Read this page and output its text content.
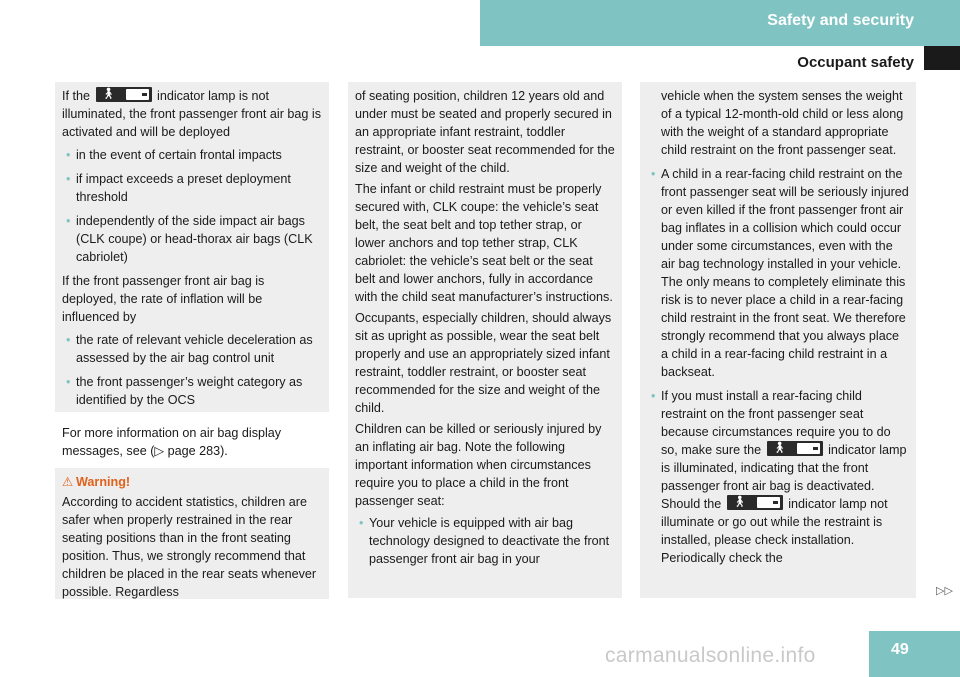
Safety and security
Occupant safety
If the 🚶︎	indicator lamp is not illuminated, the front passenger front air bag is activated and will be deployed
• in the event of certain frontal impacts
• if impact exceeds a preset deployment threshold
• independently of the side impact air bags (CLK coupe) or head-thorax air bags (CLK cabriolet)
If the front passenger front air bag is deployed, the rate of inflation will be influenced by
• the rate of relevant vehicle deceleration as assessed by the air bag control unit
• the front passenger’s weight category as identified by the OCS
For more information on air bag display messages, see (▷ page 283).
⚠︎ Warning!
According to accident statistics, children are safer when properly restrained in the rear seating positions than in the front seating position. Thus, we strongly recommend that children be placed in the rear seats whenever possible. Regardless
of seating position, children 12 years old and under must be seated and properly secured in an appropriate infant restraint, toddler restraint, or booster seat recommended for the size and weight of the child.
The infant or child restraint must be properly secured with, CLK coupe: the vehicle’s seat belt, the seat belt and top tether strap, or lower anchors and top tether strap, CLK cabriolet: the vehicle’s seat belt or the seat belt and lower anchors, fully in accordance with the child seat manufacturer’s instructions.
Occupants, especially children, should always sit as upright as possible, wear the seat belt properly and use an appropriately sized infant restraint, toddler restraint, or booster seat recommended for the size and weight of the child.
Children can be killed or seriously injured by an inflating air bag. Note the following important information when circumstances require you to place a child in the front passenger seat:
• Your vehicle is equipped with air bag technology designed to deactivate the front passenger front air bag in your
vehicle when the system senses the weight of a typical 12-month-old child or less along with the weight of a standard appropriate child restraint on the front passenger seat.
• A child in a rear-facing child restraint on the front passenger seat will be seriously injured or even killed if the front passenger front air bag inflates in a collision which could occur under some circumstances, even with the air bag technology installed in your vehicle. The only means to completely eliminate this risk is to never place a child in a rear-facing child restraint in the front seat. We therefore strongly recommend that you always place a child in a rear-facing child restraint in a backseat.
• If you must install a rear-facing child restraint on the front passenger seat because circumstances require you to do so, make sure the 🚶︎	indicator lamp is illuminated, indicating that the front passenger front air bag is deactivated. Should the 🚶︎	indicator lamp not illuminate or go out while the restraint is installed, please check installation. Periodically check the
▷▷
49
carmanualsonline.info
